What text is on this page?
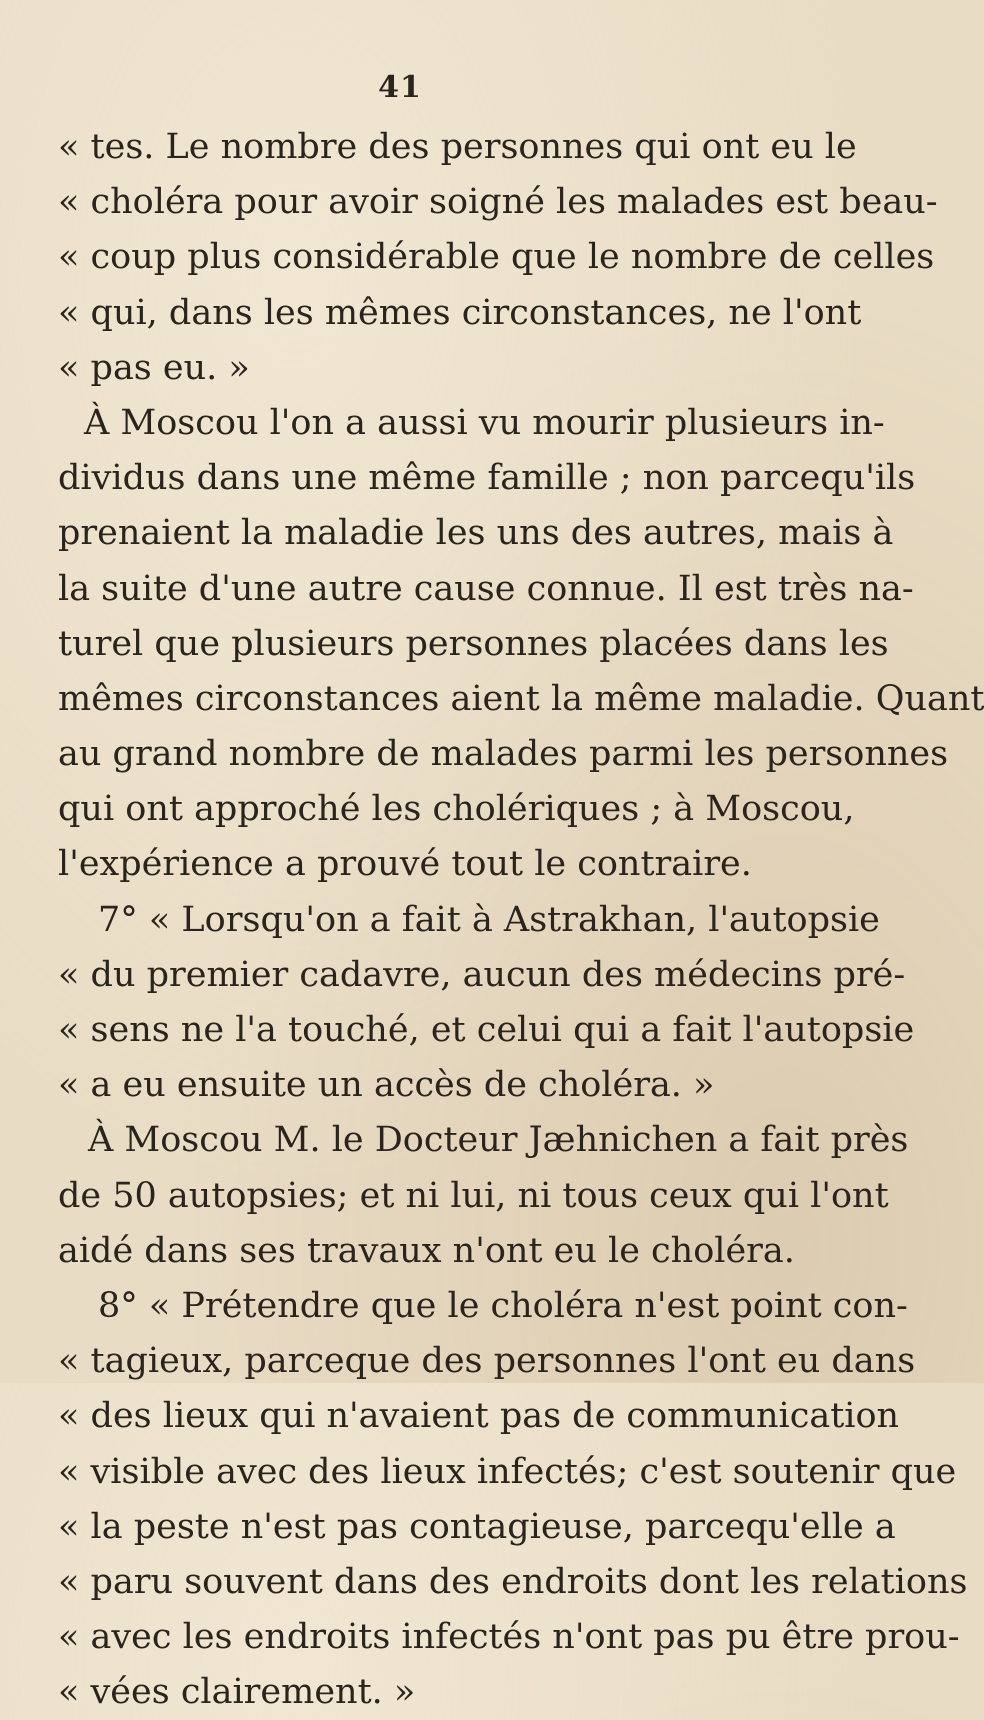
41
« tes. Le nombre des personnes qui ont eu le
« choléra pour avoir soigné les malades est beau-
« coup plus considérable que le nombre de celles
« qui, dans les mêmes circonstances, ne l'ont
« pas eu. »
À Moscou l'on a aussi vu mourir plusieurs in-
dividus dans une même famille ; non parcequ'ils
prenaient la maladie les uns des autres, mais à
la suite d'une autre cause connue. Il est très na-
turel que plusieurs personnes placées dans les
mêmes circonstances aient la même maladie. Quant
au grand nombre de malades parmi les personnes
qui ont approché les cholériques ; à Moscou,
l'expérience a prouvé tout le contraire.
7° « Lorsqu'on a fait à Astrakhan, l'autopsie
« du premier cadavre, aucun des médecins pré-
« sens ne l'a touché, et celui qui a fait l'autopsie
« a eu ensuite un accès de choléra. »
À Moscou M. le Docteur Jæhnichen a fait près
de 50 autopsies; et ni lui, ni tous ceux qui l'ont
aidé dans ses travaux n'ont eu le choléra.
8° « Prétendre que le choléra n'est point con-
« tagieux, parceque des personnes l'ont eu dans
« des lieux qui n'avaient pas de communication
« visible avec des lieux infectés; c'est soutenir que
« la peste n'est pas contagieuse, parcequ'elle a
« paru souvent dans des endroits dont les relations
« avec les endroits infectés n'ont pas pu être prou-
« vées clairement. »
